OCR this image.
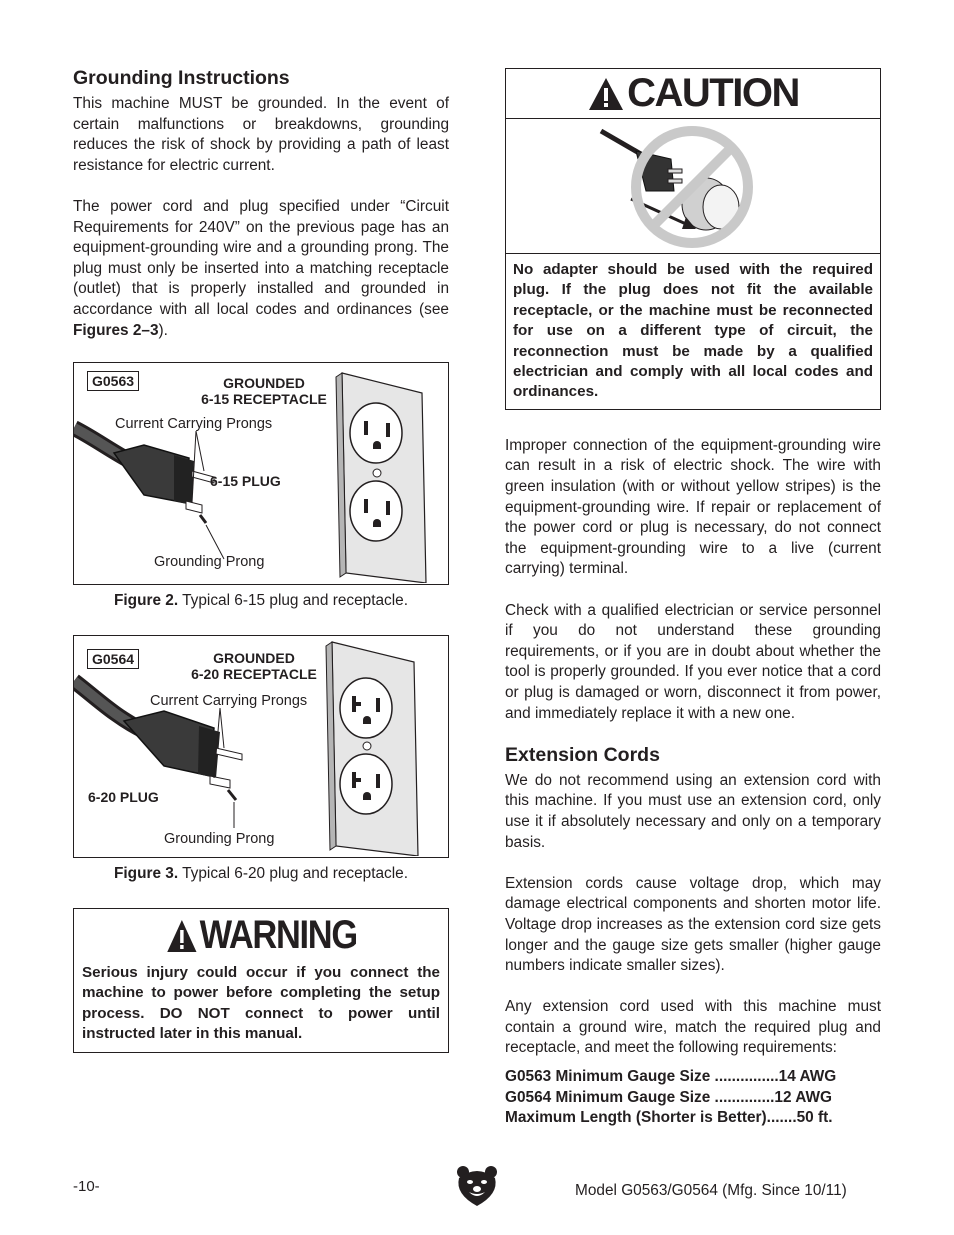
Grounding Instructions

This machine MUST be grounded. In the event of certain malfunctions or breakdowns, grounding reduces the risk of shock by providing a path of least resistance for electric current.

The power cord and plug specified under “Circuit Requirements for 240V” on the previous page has an equipment-grounding wire and a grounding prong. The plug must only be inserted into a matching receptacle (outlet) that is properly installed and grounded in accordance with all local codes and ordinances (see Figures 2–3).

G0563	GROUNDED
6-15 RECEPTACLE
Current Carrying Prongs
6-15 PLUG
Grounding Prong
Figure 2. Typical 6-15 plug and receptacle.
G0564	GROUNDED
6-20 RECEPTACLE
Current Carrying Prongs
6-20 PLUG
Grounding Prong
Figure 3. Typical 6-20 plug and receptacle.
WARNING
Serious injury could occur if you connect the machine to power before completing the setup process. DO NOT connect to power until instructed later in this manual.
CAUTION
No adapter should be used with the required plug. If the plug does not fit the available receptacle, or the machine must be reconnected for use on a different type of circuit, the reconnection must be made by a qualified electrician and comply with all local codes and ordinances.

Improper connection of the equipment-grounding wire can result in a risk of electric shock. The wire with green insulation (with or without yellow stripes) is the equipment-grounding wire. If repair or replacement of the power cord or plug is necessary, do not connect the equipment-grounding wire to a live (current carrying) terminal.

Check with a qualified electrician or service personnel if you do not understand these grounding requirements, or if you are in doubt about whether the tool is properly grounded. If you ever notice that a cord or plug is damaged or worn, disconnect it from power, and immediately replace it with a new one.

Extension Cords

We do not recommend using an extension cord with this machine. If you must use an extension cord, only use it if absolutely necessary and only on a temporary basis.

Extension cords cause voltage drop, which may damage electrical components and shorten motor life. Voltage drop increases as the extension cord size gets longer and the gauge size gets smaller (higher gauge numbers indicate smaller sizes).

Any extension cord used with this machine must contain a ground wire, match the required plug and receptacle, and meet the following requirements:

G0563 Minimum Gauge Size ...............14 AWG
G0564 Minimum Gauge Size ..............12 AWG
Maximum Length (Shorter is Better).......50 ft.
-10-	Model G0563/G0564 (Mfg. Since 10/11)
